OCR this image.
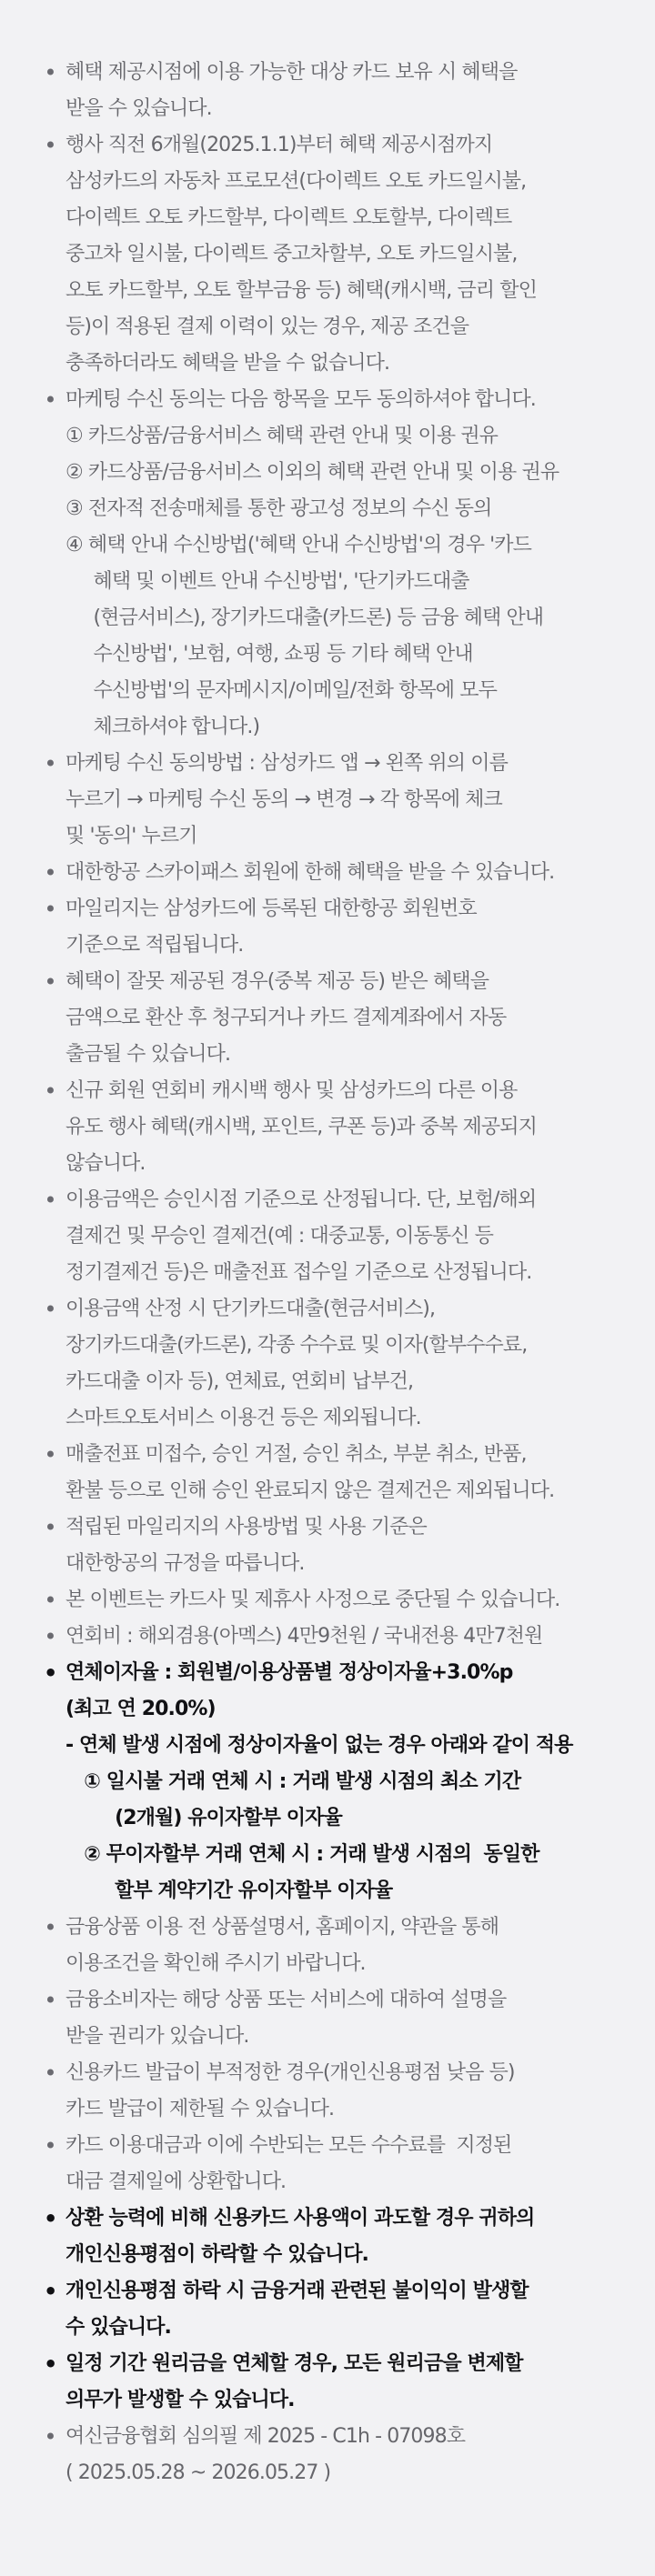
• 혜택 제공시점에 이용 가능한 대상 카드 보유 시 혜택을
받을 수 있습니다.
• 행사 직전 6개월(2025.1.1)부터 혜택 제공시점까지
삼성카드의 자동차 프로모션(다이렉트 오토 카드일시불,
다이렉트 오토 카드할부, 다이렉트 오토할부, 다이렉트
중고차 일시불, 다이렉트 중고차할부, 오토 카드일시불,
오토 카드할부, 오토 할부금융 등) 혜택(캐시백, 금리 할인
등)이 적용된 결제 이력이 있는 경우, 제공 조건을
충족하더라도 혜택을 받을 수 없습니다.
• 마케팅 수신 동의는 다음 항목을 모두 동의하셔야 합니다.
① 카드상품/금융서비스 혜택 관련 안내 및 이용 권유
② 카드상품/금융서비스 이외의 혜택 관련 안내 및 이용 권유
③ 전자적 전송매체를 통한 광고성 정보의 수신 동의
④ 혜택 안내 수신방법('혜택 안내 수신방법'의 경우 '카드
혜택 및 이벤트 안내 수신방법', '단기카드대출
(현금서비스), 장기카드대출(카드론) 등 금융 혜택 안내
수신방법', '보험, 여행, 쇼핑 등 기타 혜택 안내
수신방법'의 문자메시지/이메일/전화 항목에 모두
체크하셔야 합니다.)
• 마케팅 수신 동의방법 : 삼성카드 앱 → 왼쪽 위의 이름
누르기 → 마케팅 수신 동의 → 변경 → 각 항목에 체크
및 '동의' 누르기
• 대한항공 스카이패스 회원에 한해 혜택을 받을 수 있습니다.
• 마일리지는 삼성카드에 등록된 대한항공 회원번호
기준으로 적립됩니다.
• 혜택이 잘못 제공된 경우(중복 제공 등) 받은 혜택을
금액으로 환산 후 청구되거나 카드 결제계좌에서 자동
출금될 수 있습니다.
• 신규 회원 연회비 캐시백 행사 및 삼성카드의 다른 이용
유도 행사 혜택(캐시백, 포인트, 쿠폰 등)과 중복 제공되지
않습니다.
• 이용금액은 승인시점 기준으로 산정됩니다. 단, 보험/해외
결제건 및 무승인 결제건(예 : 대중교통, 이동통신 등
정기결제건 등)은 매출전표 접수일 기준으로 산정됩니다.
• 이용금액 산정 시 단기카드대출(현금서비스),
장기카드대출(카드론), 각종 수수료 및 이자(할부수수료,
카드대출 이자 등), 연체료, 연회비 납부건,
스마트오토서비스 이용건 등은 제외됩니다.
• 매출전표 미접수, 승인 거절, 승인 취소, 부분 취소, 반품,
환불 등으로 인해 승인 완료되지 않은 결제건은 제외됩니다.
• 적립된 마일리지의 사용방법 및 사용 기준은
대한항공의 규정을 따릅니다.
• 본 이벤트는 카드사 및 제휴사 사정으로 중단될 수 있습니다.
• 연회비 : 해외겸용(아멕스) 4만9천원 / 국내전용 4만7천원
• 연체이자율 : 회원별/이용상품별 정상이자율+3.0%p
(최고 연 20.0%)
- 연체 발생 시점에 정상이자율이 없는 경우 아래와 같이 적용
① 일시불 거래 연체 시 : 거래 발생 시점의 최소 기간
(2개월) 유이자할부 이자율
② 무이자할부 거래 연체 시 : 거래 발생 시점의  동일한
할부 계약기간 유이자할부 이자율
• 금융상품 이용 전 상품설명서, 홈페이지, 약관을 통해
이용조건을 확인해 주시기 바랍니다.
• 금융소비자는 해당 상품 또는 서비스에 대하여 설명을
받을 권리가 있습니다.
• 신용카드 발급이 부적정한 경우(개인신용평점 낮음 등)
카드 발급이 제한될 수 있습니다.
• 카드 이용대금과 이에 수반되는 모든 수수료를  지정된
대금 결제일에 상환합니다.
• 상환 능력에 비해 신용카드 사용액이 과도할 경우 귀하의
개인신용평점이 하락할 수 있습니다.
• 개인신용평점 하락 시 금융거래 관련된 불이익이 발생할
수 있습니다.
• 일정 기간 원리금을 연체할 경우, 모든 원리금을 변제할
의무가 발생할 수 있습니다.
• 여신금융협회 심의필 제 2025 - C1h - 07098호
( 2025.05.28 ~ 2026.05.27 )
